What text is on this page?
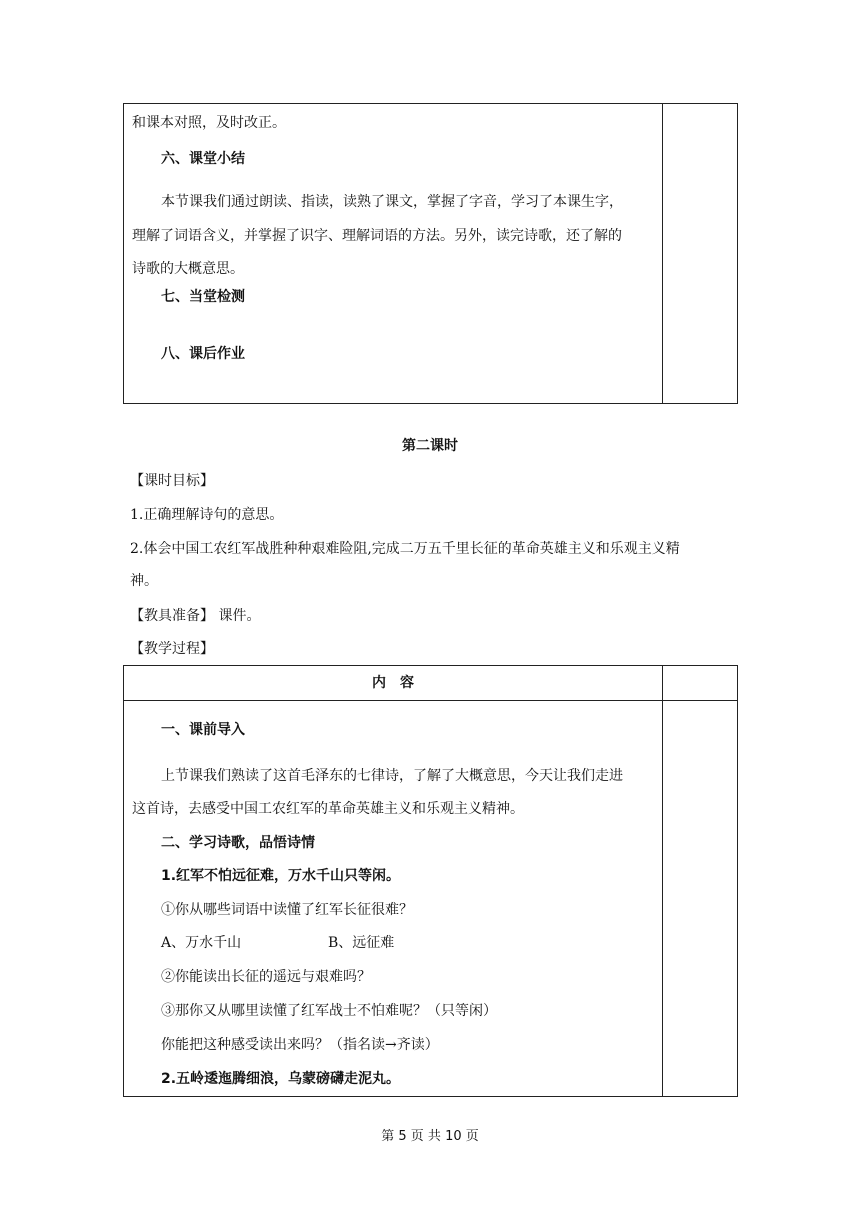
和课本对照，及时改正。
六、课堂小结
本节课我们通过朗读、指读，读熟了课文，掌握了字音，学习了本课生字，
理解了词语含义，并掌握了识字、理解词语的方法。另外，读完诗歌，还了解的
诗歌的大概意思。
七、当堂检测
八、课后作业
第二课时
【课时目标】
1.正确理解诗句的意思。
2.体会中国工农红军战胜种种艰难险阻,完成二万五千里长征的革命英雄主义和乐观主义精
神。
【教具准备】 课件。
【教学过程】
内　容
一、课前导入
上节课我们熟读了这首毛泽东的七律诗，了解了大概意思，今天让我们走进
这首诗，去感受中国工农红军的革命英雄主义和乐观主义精神。
二、学习诗歌，品悟诗情
1.红军不怕远征难，万水千山只等闲。
①你从哪些词语中读懂了红军长征很难？
A、万水千山	B、远征难
②你能读出长征的遥远与艰难吗？
③那你又从哪里读懂了红军战士不怕难呢？（只等闲）
你能把这种感受读出来吗？（指名读→齐读）
2.五岭逶迤腾细浪，乌蒙磅礴走泥丸。
第 5 页 共 10 页
